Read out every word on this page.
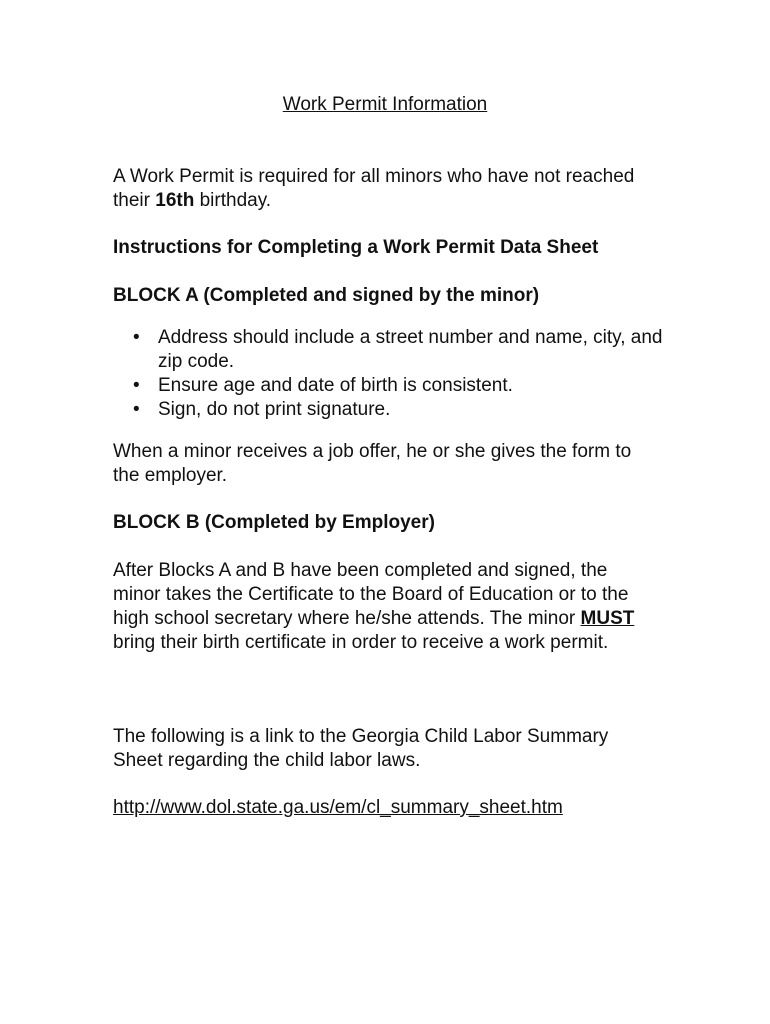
Work Permit Information

A Work Permit is required for all minors who have not reached their 16th birthday.

Instructions for Completing a Work Permit Data Sheet

BLOCK A (Completed and signed by the minor)

• Address should include a street number and name, city, and zip code.
• Ensure age and date of birth is consistent.
• Sign, do not print signature.

When a minor receives a job offer, he or she gives the form to the employer.

BLOCK B (Completed by Employer)

After Blocks A and B have been completed and signed, the minor takes the Certificate to the Board of Education or to the high school secretary where he/she attends. The minor MUST bring their birth certificate in order to receive a work permit.

The following is a link to the Georgia Child Labor Summary Sheet regarding the child labor laws.

http://www.dol.state.ga.us/em/cl_summary_sheet.htm
